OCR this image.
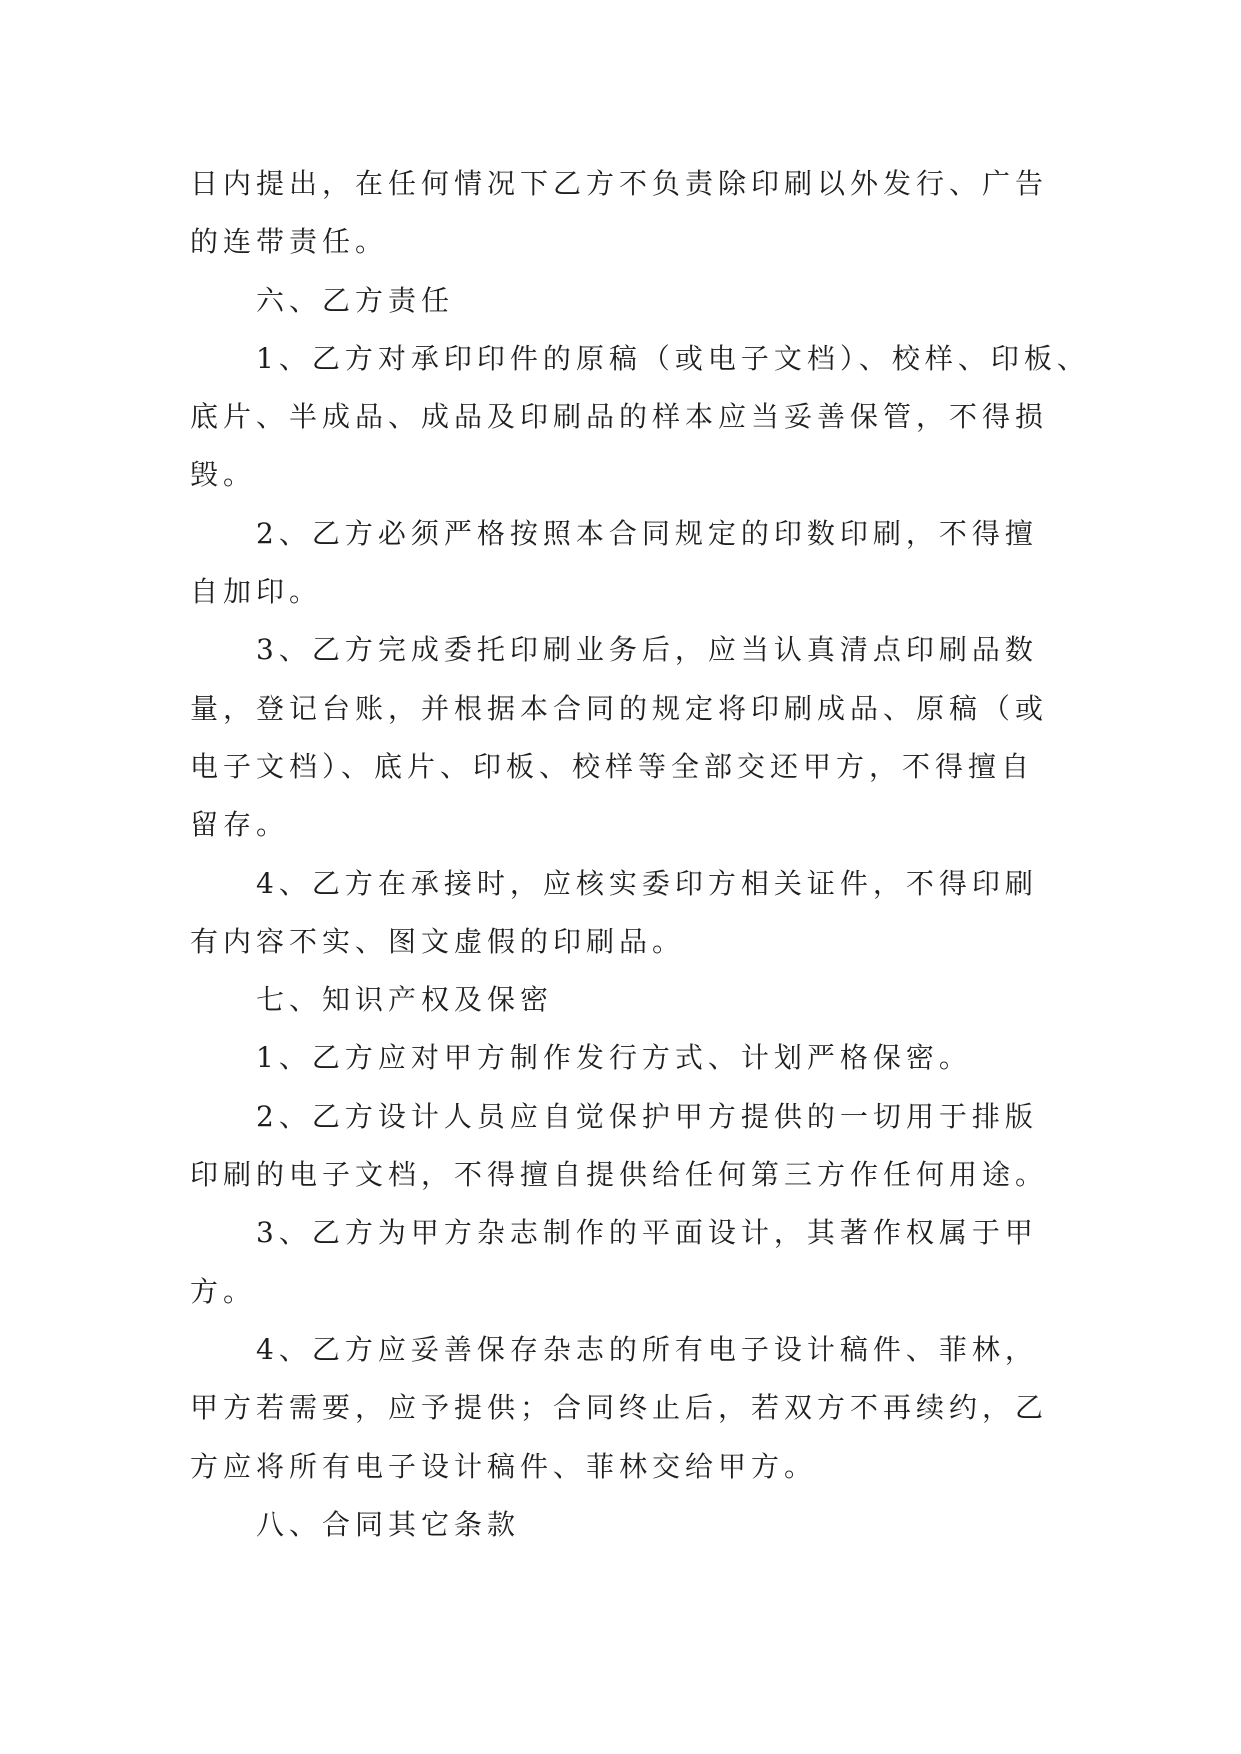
日内提出，在任何情况下乙方不负责除印刷以外发行、广告
的连带责任。
六、乙方责任
1、乙方对承印印件的原稿（或电子文档）、校样、印板、
底片、半成品、成品及印刷品的样本应当妥善保管，不得损
毁。
2、乙方必须严格按照本合同规定的印数印刷，不得擅
自加印。
3、乙方完成委托印刷业务后，应当认真清点印刷品数
量，登记台账，并根据本合同的规定将印刷成品、原稿（或
电子文档）、底片、印板、校样等全部交还甲方，不得擅自
留存。
4、乙方在承接时，应核实委印方相关证件，不得印刷
有内容不实、图文虚假的印刷品。
七、知识产权及保密
1、乙方应对甲方制作发行方式、计划严格保密。
2、乙方设计人员应自觉保护甲方提供的一切用于排版
印刷的电子文档，不得擅自提供给任何第三方作任何用途。
3、乙方为甲方杂志制作的平面设计，其著作权属于甲
方。
4、乙方应妥善保存杂志的所有电子设计稿件、菲林，
甲方若需要，应予提供；合同终止后，若双方不再续约，乙
方应将所有电子设计稿件、菲林交给甲方。
八、合同其它条款
